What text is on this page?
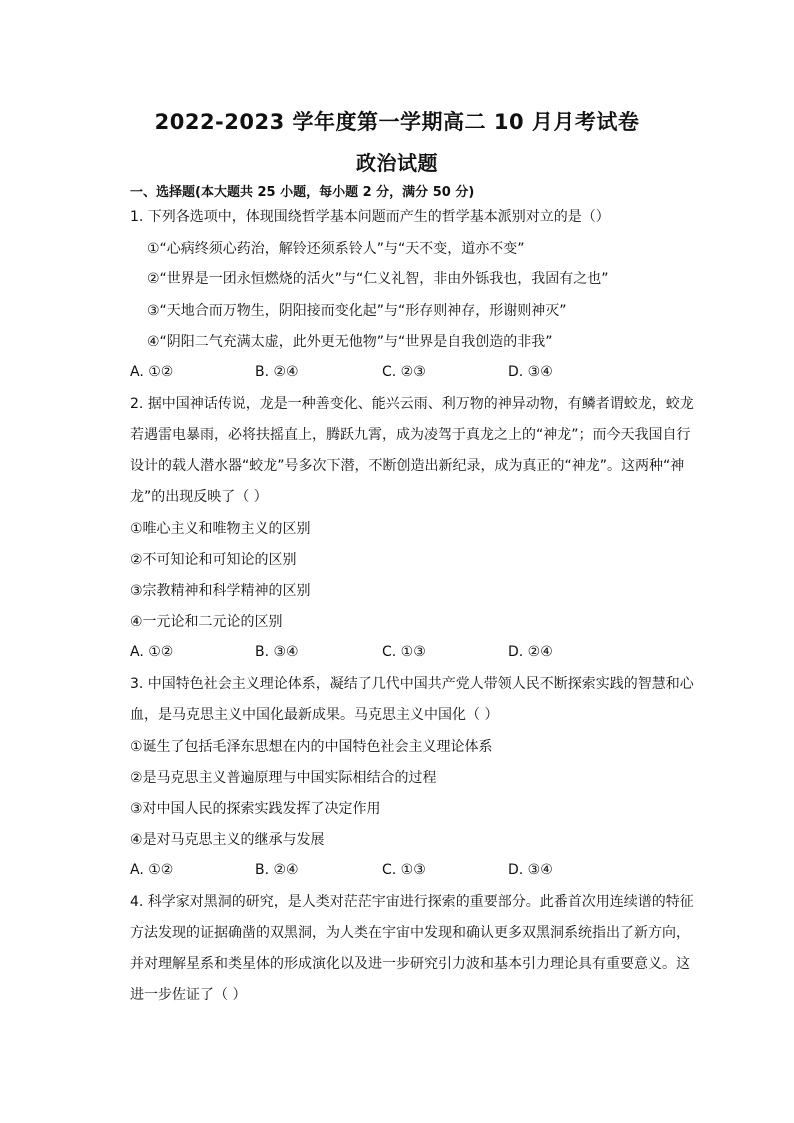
2022-2023 学年度第一学期高二 10 月月考试卷
政治试题
一、选择题(本大题共 25 小题，每小题 2 分，满分 50 分)
1. 下列各选项中，体现围绕哲学基本问题而产生的哲学基本派别对立的是（）
①“心病终须心药治，解铃还须系铃人”与“天不变，道亦不变”
②“世界是一团永恒燃烧的活火”与“仁义礼智，非由外铄我也，我固有之也”
③“天地合而万物生，阴阳接而变化起”与“形存则神存，形谢则神灭”
④“阴阳二气充满太虚，此外更无他物”与“世界是自我创造的非我”
A. ①②	B. ②④	C. ②③	D. ③④
2. 据中国神话传说，龙是一种善变化、能兴云雨、利万物的神异动物，有鳞者谓蛟龙，蛟龙若遇雷电暴雨，必将扶摇直上，腾跃九霄，成为凌驾于真龙之上的“神龙”；而今天我国自行设计的载人潜水器“蛟龙”号多次下潜，不断创造出新纪录，成为真正的“神龙”。这两种“神龙”的出现反映了（ ）
①唯心主义和唯物主义的区别
②不可知论和可知论的区别
③宗教精神和科学精神的区别
④一元论和二元论的区别
A. ①②	B. ③④	C. ①③	D. ②④
3. 中国特色社会主义理论体系，凝结了几代中国共产党人带领人民不断探索实践的智慧和心血，是马克思主义中国化最新成果。马克思主义中国化（ ）
①诞生了包括毛泽东思想在内的中国特色社会主义理论体系
②是马克思主义普遍原理与中国实际相结合的过程
③对中国人民的探索实践发挥了决定作用
④是对马克思主义的继承与发展
A. ①②	B. ②④	C. ①③	D. ③④
4. 科学家对黑洞的研究，是人类对茫茫宇宙进行探索的重要部分。此番首次用连续谱的特征方法发现的证据确凿的双黑洞，为人类在宇宙中发现和确认更多双黑洞系统指出了新方向，并对理解星系和类星体的形成演化以及进一步研究引力波和基本引力理论具有重要意义。这进一步佐证了（ ）
